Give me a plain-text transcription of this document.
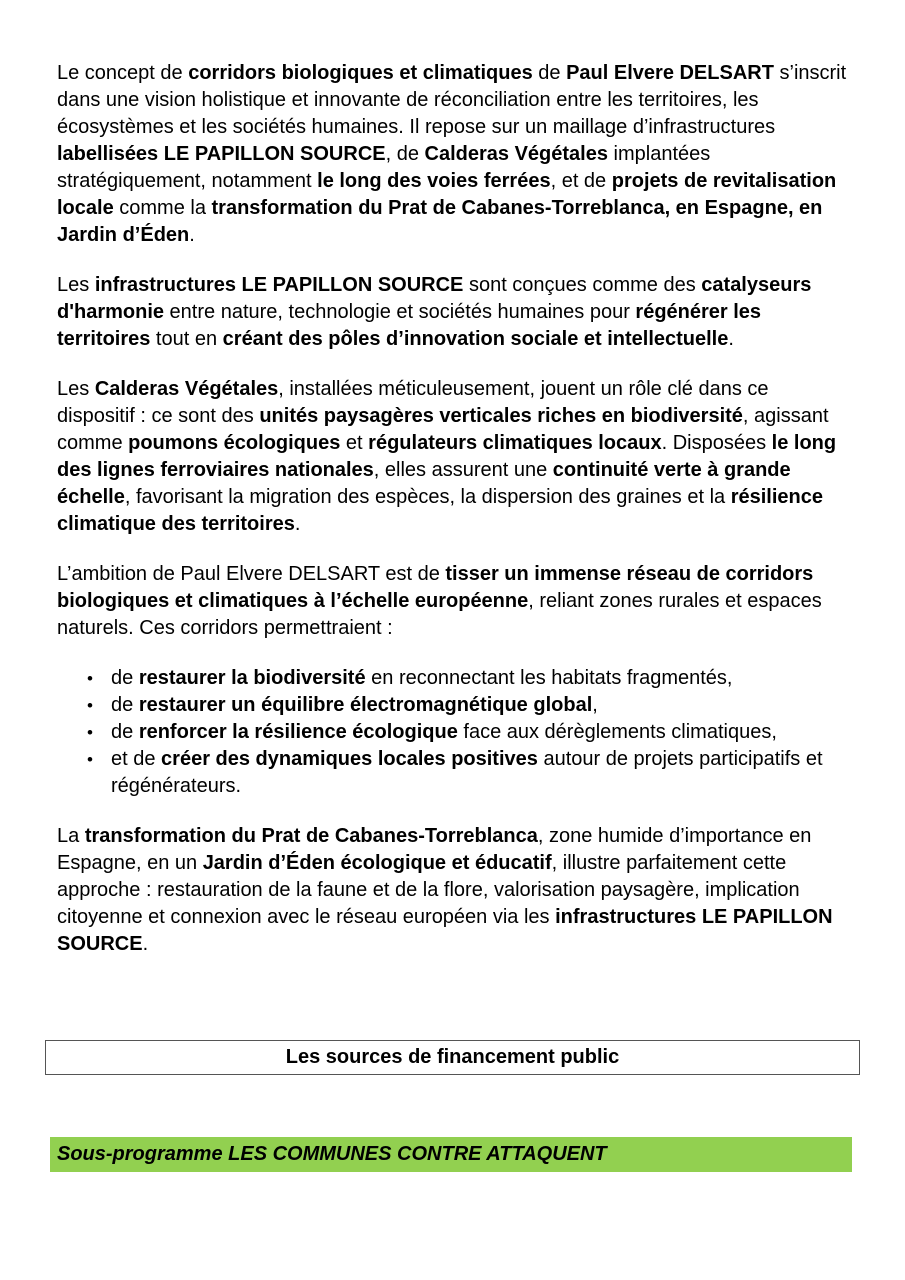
Le concept de corridors biologiques et climatiques de Paul Elvere DELSART s’inscrit dans une vision holistique et innovante de réconciliation entre les territoires, les écosystèmes et les sociétés humaines. Il repose sur un maillage d’infrastructures labellisées LE PAPILLON SOURCE, de Calderas Végétales implantées stratégiquement, notamment le long des voies ferrées, et de projets de revitalisation locale comme la transformation du Prat de Cabanes-Torreblanca, en Espagne, en Jardin d’Éden.
Les infrastructures LE PAPILLON SOURCE sont conçues comme des catalyseurs d'harmonie entre nature, technologie et sociétés humaines pour régénérer les territoires tout en créant des pôles d’innovation sociale et intellectuelle.
Les Calderas Végétales, installées méticuleusement, jouent un rôle clé dans ce dispositif : ce sont des unités paysagères verticales riches en biodiversité, agissant comme poumons écologiques et régulateurs climatiques locaux. Disposées le long des lignes ferroviaires nationales, elles assurent une continuité verte à grande échelle, favorisant la migration des espèces, la dispersion des graines et la résilience climatique des territoires.
L’ambition de Paul Elvere DELSART est de tisser un immense réseau de corridors biologiques et climatiques à l’échelle européenne, reliant zones rurales et espaces naturels. Ces corridors permettraient :
• de restaurer la biodiversité en reconnectant les habitats fragmentés,
• de restaurer un équilibre électromagnétique global,
• de renforcer la résilience écologique face aux dérèglements climatiques,
• et de créer des dynamiques locales positives autour de projets participatifs et régénérateurs.
La transformation du Prat de Cabanes-Torreblanca, zone humide d’importance en Espagne, en un Jardin d’Éden écologique et éducatif, illustre parfaitement cette approche : restauration de la faune et de la flore, valorisation paysagère, implication citoyenne et connexion avec le réseau européen via les infrastructures LE PAPILLON SOURCE.
Les sources de financement public
Sous-programme LES COMMUNES CONTRE ATTAQUENT
